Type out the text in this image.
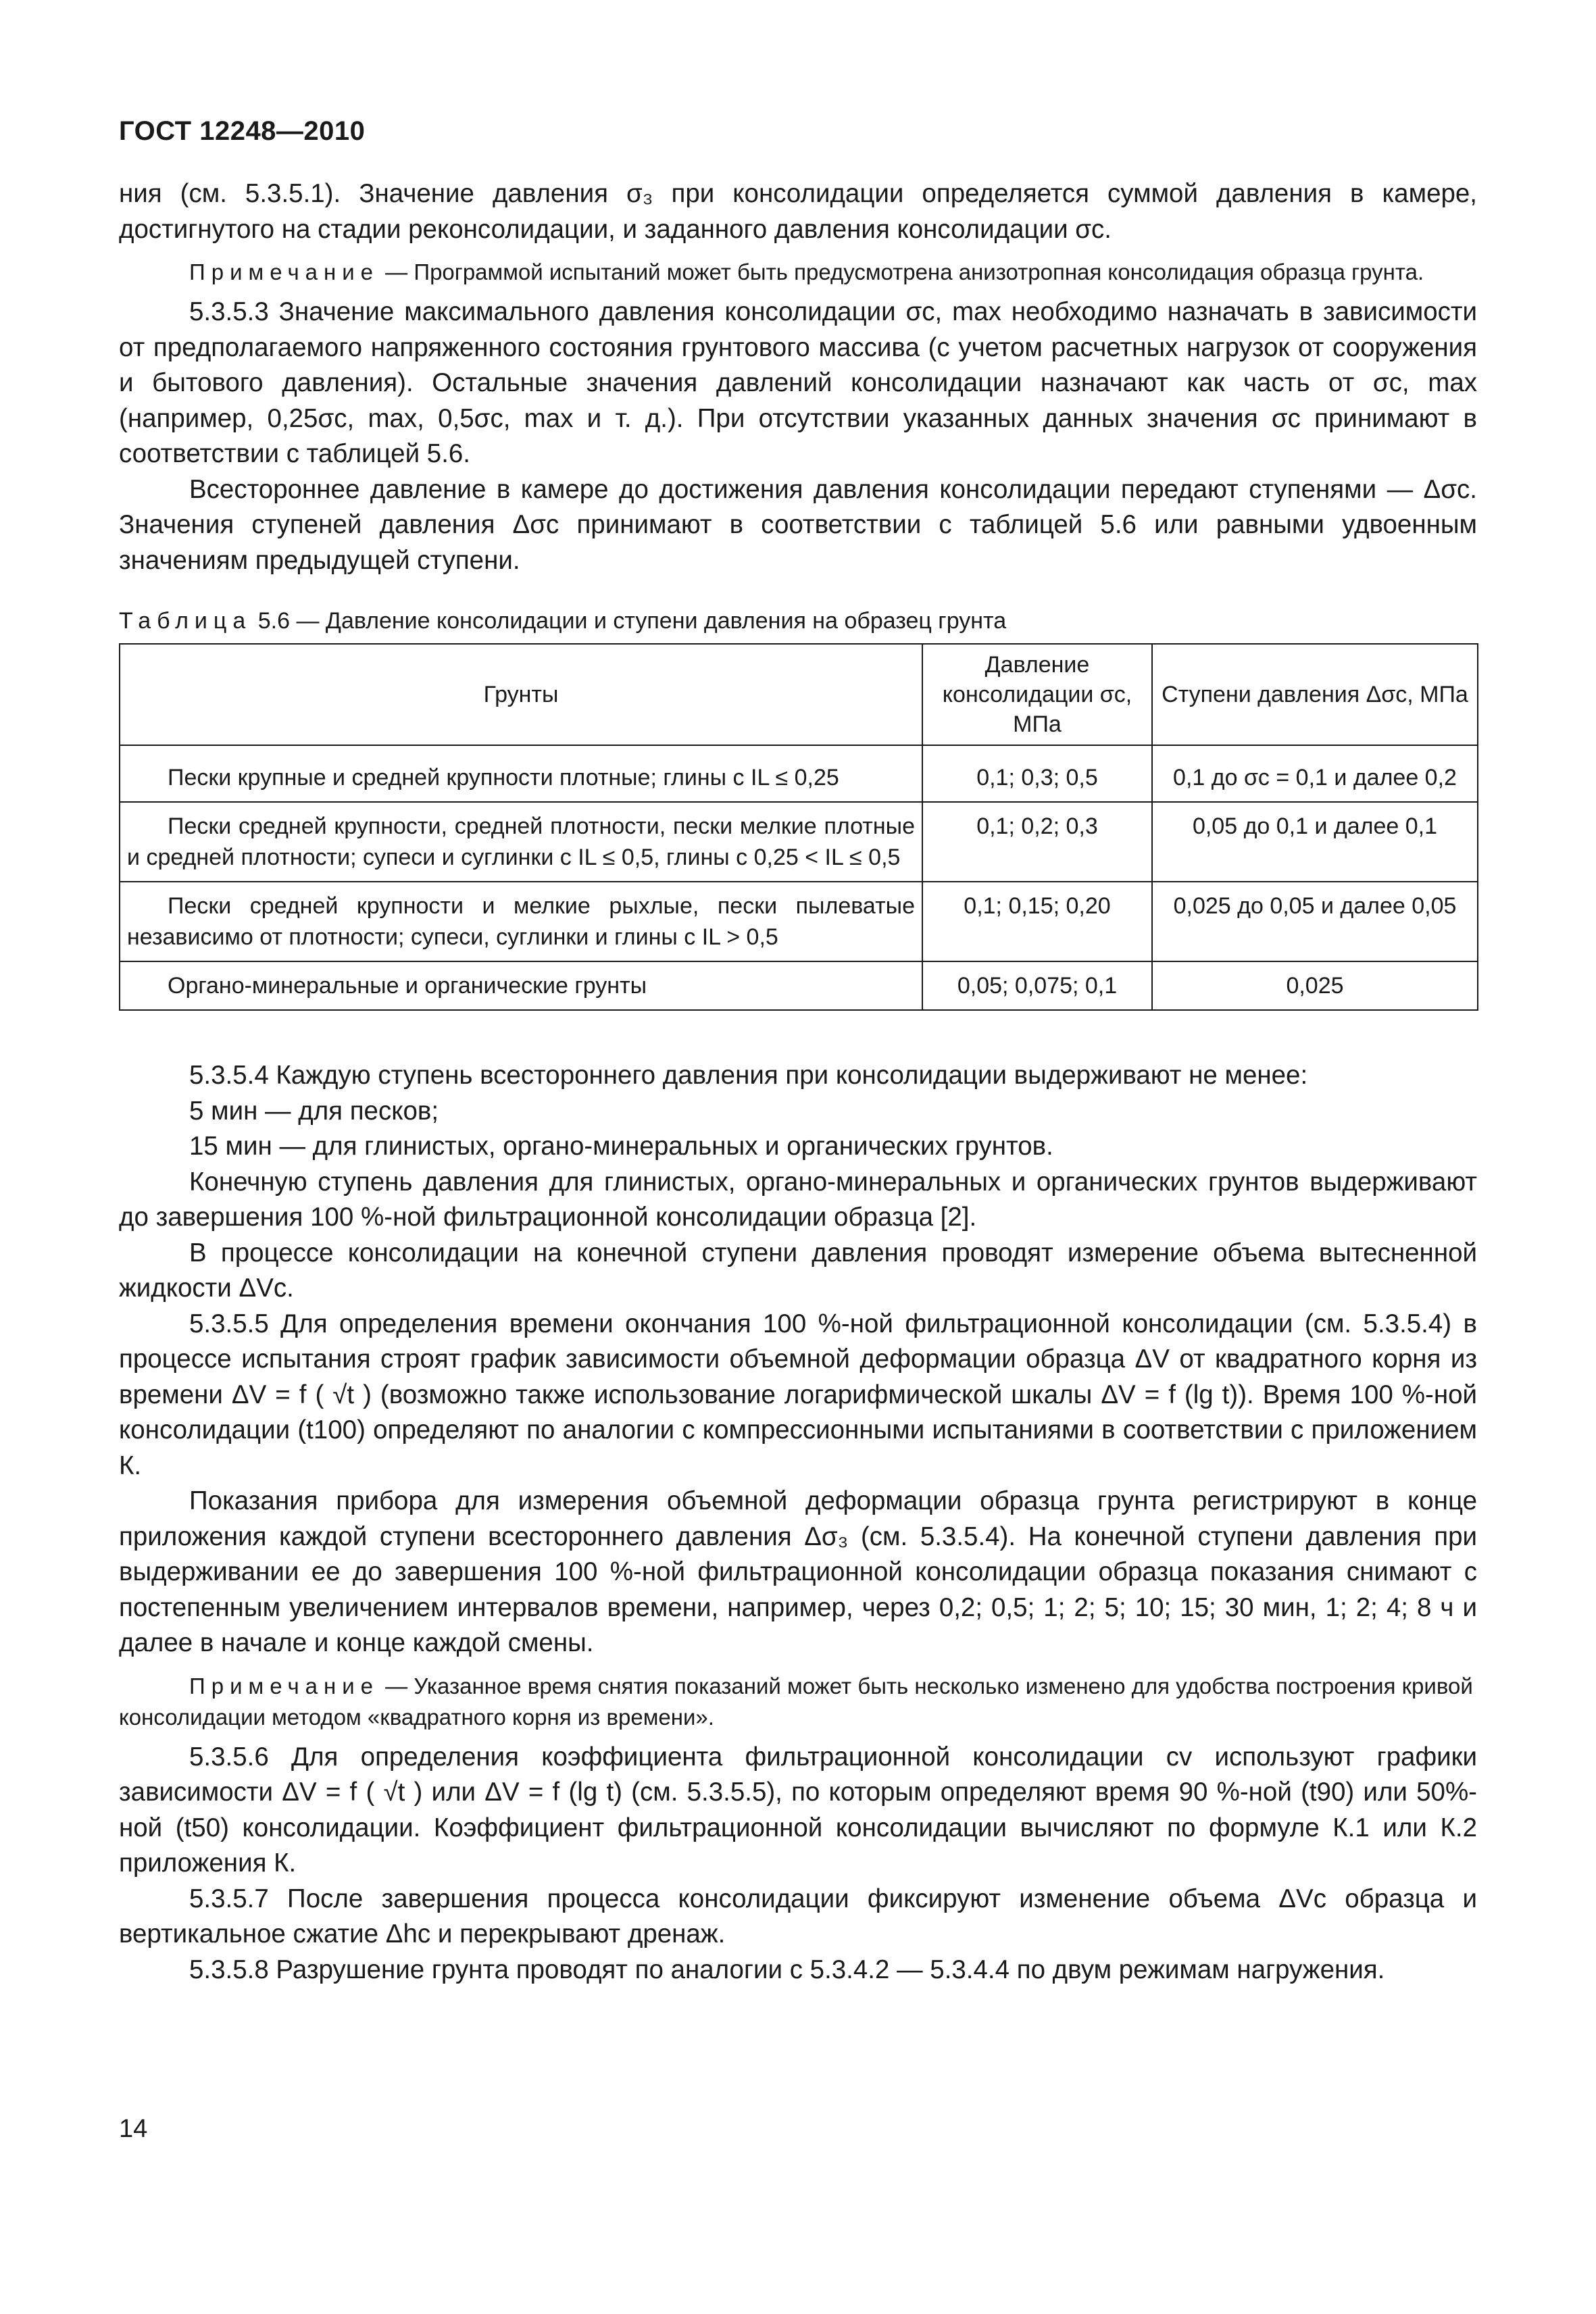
ГОСТ 12248—2010

ния (см. 5.3.5.1). Значение давления σ₃ при консолидации определяется суммой давления в камере, достигнутого на стадии реконсолидации, и заданного давления консолидации σc.

Примечание — Программой испытаний может быть предусмотрена анизотропная консолидация образца грунта.

5.3.5.3 Значение максимального давления консолидации σc, max необходимо назначать в зависимости от предполагаемого напряженного состояния грунтового массива (с учетом расчетных нагрузок от сооружения и бытового давления). Остальные значения давлений консолидации назначают как часть от σc, max (например, 0,25σc, max, 0,5σc, max и т. д.). При отсутствии указанных данных значения σc принимают в соответствии с таблицей 5.6.

Всестороннее давление в камере до достижения давления консолидации передают ступенями — Δσc. Значения ступеней давления Δσc принимают в соответствии с таблицей 5.6 или равными удвоенным значениям предыдущей ступени.

Таблица 5.6 — Давление консолидации и ступени давления на образец грунта
Грунты	Давление консолидации σc, МПа	Ступени давления Δσc, МПа

Пески крупные и средней крупности плотные; глины с IL ≤ 0,25	0,1; 0,3; 0,5	0,1 до σc = 0,1 и далее 0,2

Пески средней крупности, средней плотности, пески мелкие плотные и средней плотности; супеси и суглинки с IL ≤ 0,5, глины с 0,25 < IL ≤ 0,5	0,1; 0,2; 0,3	0,05 до 0,1 и далее 0,1

Пески средней крупности и мелкие рыхлые, пески пылеватые независимо от плотности; супеси, суглинки и глины с IL > 0,5	0,1; 0,15; 0,20	0,025 до 0,05 и далее 0,05

Органо-минеральные и органические грунты	0,05; 0,075; 0,1	0,025

5.3.5.4 Каждую ступень всестороннего давления при консолидации выдерживают не менее:

5 мин — для песков;

15 мин — для глинистых, органо-минеральных и органических грунтов.

Конечную ступень давления для глинистых, органо-минеральных и органических грунтов выдерживают до завершения 100 %-ной фильтрационной консолидации образца [2].

В процессе консолидации на конечной ступени давления проводят измерение объема вытесненной жидкости ΔVc.

5.3.5.5 Для определения времени окончания 100 %-ной фильтрационной консолидации (см. 5.3.5.4) в процессе испытания строят график зависимости объемной деформации образца ΔV от квадратного корня из времени ΔV = f ( √t ) (возможно также использование логарифмической шкалы ΔV = f (lg t)). Время 100 %-ной консолидации (t100) определяют по аналогии с компрессионными испытаниями в соответствии с приложением К.

Показания прибора для измерения объемной деформации образца грунта регистрируют в конце приложения каждой ступени всестороннего давления Δσ₃ (см. 5.3.5.4). На конечной ступени давления при выдерживании ее до завершения 100 %-ной фильтрационной консолидации образца показания снимают с постепенным увеличением интервалов времени, например, через 0,2; 0,5; 1; 2; 5; 10; 15; 30 мин, 1; 2; 4; 8 ч и далее в начале и конце каждой смены.

Примечание — Указанное время снятия показаний может быть несколько изменено для удобства построения кривой консолидации методом «квадратного корня из времени».

5.3.5.6 Для определения коэффициента фильтрационной консолидации cv используют графики зависимости ΔV = f ( √t ) или ΔV = f (lg t) (см. 5.3.5.5), по которым определяют время 90 %-ной (t90) или 50%-ной (t50) консолидации. Коэффициент фильтрационной консолидации вычисляют по формуле К.1 или К.2 приложения К.

5.3.5.7 После завершения процесса консолидации фиксируют изменение объема ΔVc образца и вертикальное сжатие Δhc и перекрывают дренаж.

5.3.5.8 Разрушение грунта проводят по аналогии с 5.3.4.2 — 5.3.4.4 по двум режимам нагружения.

14
